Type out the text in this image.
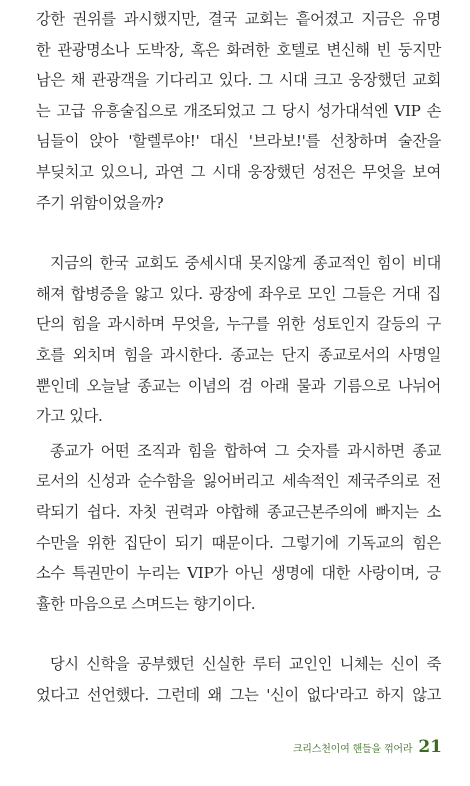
강한 권위를 과시했지만, 결국 교회는 흩어졌고 지금은 유명
한 관광명소나 도박장, 혹은 화려한 호텔로 변신해 빈 둥지만
남은 채 관광객을 기다리고 있다. 그 시대 크고 웅장했던 교회
는 고급 유흥술집으로 개조되었고 그 당시 성가대석엔 VIP 손
님들이 앉아 '할렐루야!' 대신 '브라보!'를 선창하며 술잔을
부딪치고 있으니, 과연 그 시대 웅장했던 성전은 무엇을 보여
주기 위함이었을까?
지금의 한국 교회도 중세시대 못지않게 종교적인 힘이 비대
해져 합병증을 앓고 있다. 광장에 좌우로 모인 그들은 거대 집
단의 힘을 과시하며 무엇을, 누구를 위한 성토인지 갈등의 구
호를 외치며 힘을 과시한다. 종교는 단지 종교로서의 사명일
뿐인데 오늘날 종교는 이념의 검 아래 물과 기름으로 나뉘어
가고 있다.
종교가 어떤 조직과 힘을 합하여 그 숫자를 과시하면 종교
로서의 신성과 순수함을 잃어버리고 세속적인 제국주의로 전
락되기 쉽다. 자칫 권력과 야합해 종교근본주의에 빠지는 소
수만을 위한 집단이 되기 때문이다. 그렇기에 기독교의 힘은
소수 특권만이 누리는 VIP가 아닌 생명에 대한 사랑이며, 긍
휼한 마음으로 스며드는 향기이다.
당시 신학을 공부했던 신실한 루터 교인인 니체는 신이 죽
었다고 선언했다. 그런데 왜 그는 '신이 없다'라고 하지 않고
크리스천이여 핸들을 꺾어라 21
